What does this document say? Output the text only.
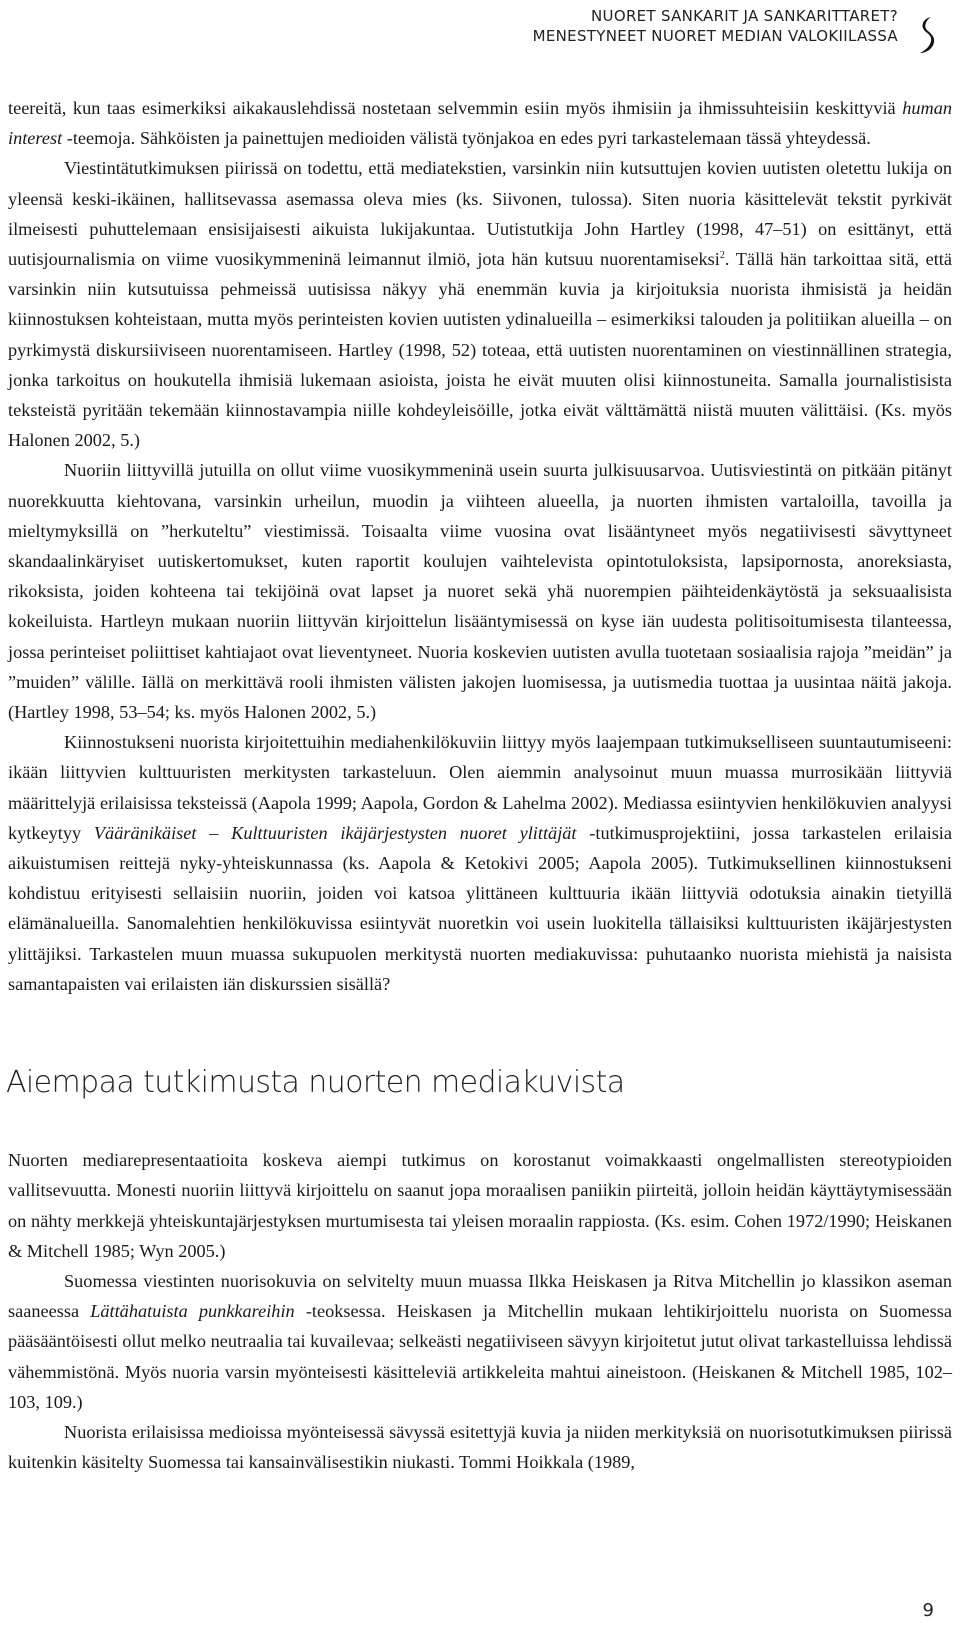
NUORET SANKARIT JA SANKARITTARET?
MENESTYNEET NUORET MEDIAN VALOKIILASSA

teereitä, kun taas esimerkiksi aikakauslehdissä nostetaan selvemmin esiin myös ihmisiin ja ihmissuhteisiin keskittyviä human interest -teemoja. Sähköisten ja painettujen medioiden välistä työnjakoa en edes pyri tarkastelemaan tässä yhteydessä.

Viestintätutkimuksen piirissä on todettu, että mediatekstien, varsinkin niin kutsuttujen kovien uutisten oletettu lukija on yleensä keski-ikäinen, hallitsevassa asemassa oleva mies (ks. Siivonen, tulossa). Siten nuoria käsittelevät tekstit pyrkivät ilmeisesti puhuttelemaan ensisijaisesti aikuista lukijakuntaa. Uutistutkija John Hartley (1998, 47–51) on esittänyt, että uutisjournalismia on viime vuosikymmeninä leimannut ilmiö, jota hän kutsuu nuorentamiseksi$^2$. Tällä hän tarkoittaa sitä, että varsinkin niin kutsutuissa pehmeissä uutisissa näkyy yhä enemmän kuvia ja kirjoituksia nuorista ihmisistä ja heidän kiinnostuksen kohteistaan, mutta myös perinteisten kovien uutisten ydinalueilla – esimerkiksi talouden ja politiikan alueilla – on pyrkimystä diskursiiviseen nuorentamiseen. Hartley (1998, 52) toteaa, että uutisten nuorentaminen on viestinnällinen strategia, jonka tarkoitus on houkutella ihmisiä lukemaan asioista, joista he eivät muuten olisi kiinnostuneita. Samalla journalistisista teksteistä pyritään tekemään kiinnostavampia niille kohdeyleisöille, jotka eivät välttämättä niistä muuten välittäisi. (Ks. myös Halonen 2002, 5.)

Nuoriin liittyvillä jutuilla on ollut viime vuosikymmeninä usein suurta julkisuusarvoa. Uutisviestintä on pitkään pitänyt nuorekkuutta kiehtovana, varsinkin urheilun, muodin ja viihteen alueella, ja nuorten ihmisten vartaloilla, tavoilla ja mieltymyksillä on ”herkuteltu” viestimissä. Toisaalta viime vuosina ovat lisääntyneet myös negatiivisesti sävyttyneet skandaalinkäryiset uutiskertomukset, kuten raportit koulujen vaihtelevista opintotuloksista, lapsipornosta, anoreksiasta, rikoksista, joiden kohteena tai tekijöinä ovat lapset ja nuoret sekä yhä nuorempien päihteidenkäytöstä ja seksuaalisista kokeiluista. Hartleyn mukaan nuoriin liittyvän kirjoittelun lisääntymisessä on kyse iän uudesta politisoitumisesta tilanteessa, jossa perinteiset poliittiset kahtiajaot ovat lieventyneet. Nuoria koskevien uutisten avulla tuotetaan sosiaalisia rajoja ”meidän” ja ”muiden” välille. Iällä on merkittävä rooli ihmisten välisten jakojen luomisessa, ja uutismedia tuottaa ja uusintaa näitä jakoja. (Hartley 1998, 53–54; ks. myös Halonen 2002, 5.)

Kiinnostukseni nuorista kirjoitettuihin mediahenkilökuviin liittyy myös laajempaan tutkimukselliseen suuntautumiseeni: ikään liittyvien kulttuuristen merkitysten tarkasteluun. Olen aiemmin analysoinut muun muassa murrosikään liittyviä määrittelyjä erilaisissa teksteissä (Aapola 1999; Aapola, Gordon & Lahelma 2002). Mediassa esiintyvien henkilökuvien analyysi kytkeytyy Vääränikäiset – Kulttuuristen ikäjärjestysten nuoret ylittäjät -tutkimusprojektiini, jossa tarkastelen erilaisia aikuistumisen reittejä nyky-yhteiskunnassa (ks. Aapola & Ketokivi 2005; Aapola 2005). Tutkimuksellinen kiinnostukseni kohdistuu erityisesti sellaisiin nuoriin, joiden voi katsoa ylittäneen kulttuuria ikään liittyviä odotuksia ainakin tietyillä elämänalueilla. Sanomalehtien henkilökuvissa esiintyvät nuoretkin voi usein luokitella tällaisiksi kulttuuristen ikäjärjestysten ylittäjiksi. Tarkastelen muun muassa sukupuolen merkitystä nuorten mediakuvissa: puhutaanko nuorista miehistä ja naisista samantapaisten vai erilaisten iän diskurssien sisällä?

Aiempaa tutkimusta nuorten mediakuvista

Nuorten mediarepresentaatioita koskeva aiempi tutkimus on korostanut voimakkaasti ongelmallisten stereotypioiden vallitsevuutta. Monesti nuoriin liittyvä kirjoittelu on saanut jopa moraalisen paniikin piirteitä, jolloin heidän käyttäytymisessään on nähty merkkejä yhteiskuntajärjestyksen murtumisesta tai yleisen moraalin rappiosta. (Ks. esim. Cohen 1972/1990; Heiskanen & Mitchell 1985; Wyn 2005.)

Suomessa viestinten nuorisokuvia on selvitelty muun muassa Ilkka Heiskasen ja Ritva Mitchellin jo klassikon aseman saaneessa Lättähatuista punkkareihin -teoksessa. Heiskasen ja Mitchellin mukaan lehtikirjoittelu nuorista on Suomessa pääsääntöisesti ollut melko neutraalia tai kuvailevaa; selkeästi negatiiviseen sävyyn kirjoitetut jutut olivat tarkastelluissa lehdissä vähemmistönä. Myös nuoria varsin myönteisesti käsitteleviä artikkeleita mahtui aineistoon. (Heiskanen & Mitchell 1985, 102–103, 109.)

Nuorista erilaisissa medioissa myönteisessä sävyssä esitettyjä kuvia ja niiden merkityksiä on nuorisotutkimuksen piirissä kuitenkin käsitelty Suomessa tai kansainvälisestikin niukasti. Tommi Hoikkala (1989,

9
